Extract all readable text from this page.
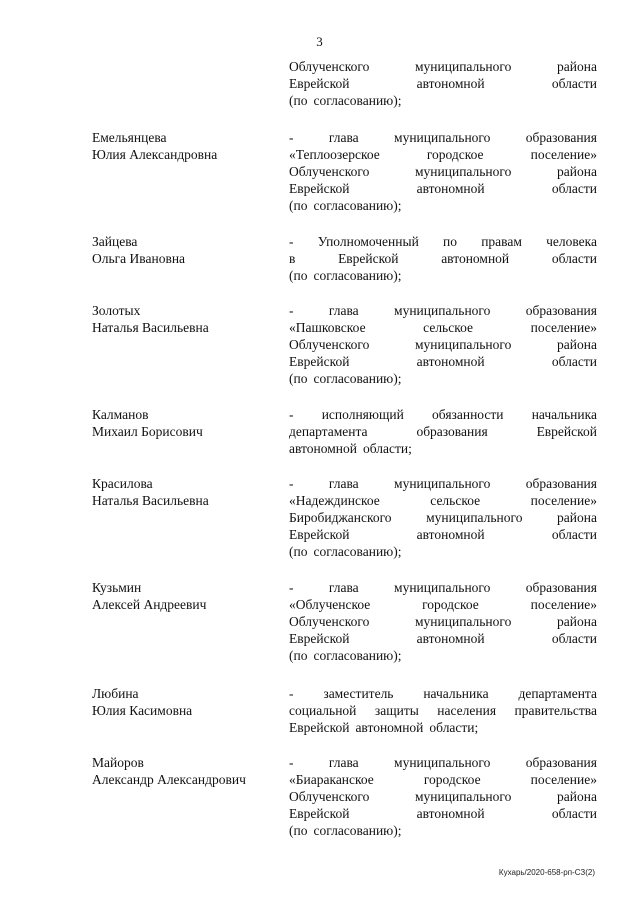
3
Облученского	муниципального	района
Еврейской	автономной	области
(по согласованию);
Емельянцева
Юлия Александровна
-	глава	муниципального	образования
«Теплоозерское	городское	поселение»
Облученского	муниципального	района
Еврейской	автономной	области
(по согласованию);
Зайцева
Ольга Ивановна
- Уполномоченный по правам человека
в	Еврейской	автономной	области
(по согласованию);
Золотых
Наталья Васильевна
-	глава	муниципального	образования
«Пашковское	сельское	поселение»
Облученского	муниципального	района
Еврейской	автономной	области
(по согласованию);
Калманов
Михаил Борисович
- исполняющий обязанности начальника
департамента	образования	Еврейской
автономной области;
Красилова
Наталья Васильевна
-	глава	муниципального	образования
«Надеждинское	сельское	поселение»
Биробиджанского	муниципального	района
Еврейской	автономной	области
(по согласованию);
Кузьмин
Алексей Андреевич
-	глава	муниципального	образования
«Облученское	городское	поселение»
Облученского	муниципального	района
Еврейской	автономной	области
(по согласованию);
Любина
Юлия Касимовна
- заместитель начальника департамента
социальной защиты населения правительства
Еврейской автономной области;
Майоров
Александр Александрович
-	глава	муниципального	образования
«Биараканское	городское	поселение»
Облученского	муниципального	района
Еврейской	автономной	области
(по согласованию);
Кухарь/2020-658-рп-СЗ(2)
